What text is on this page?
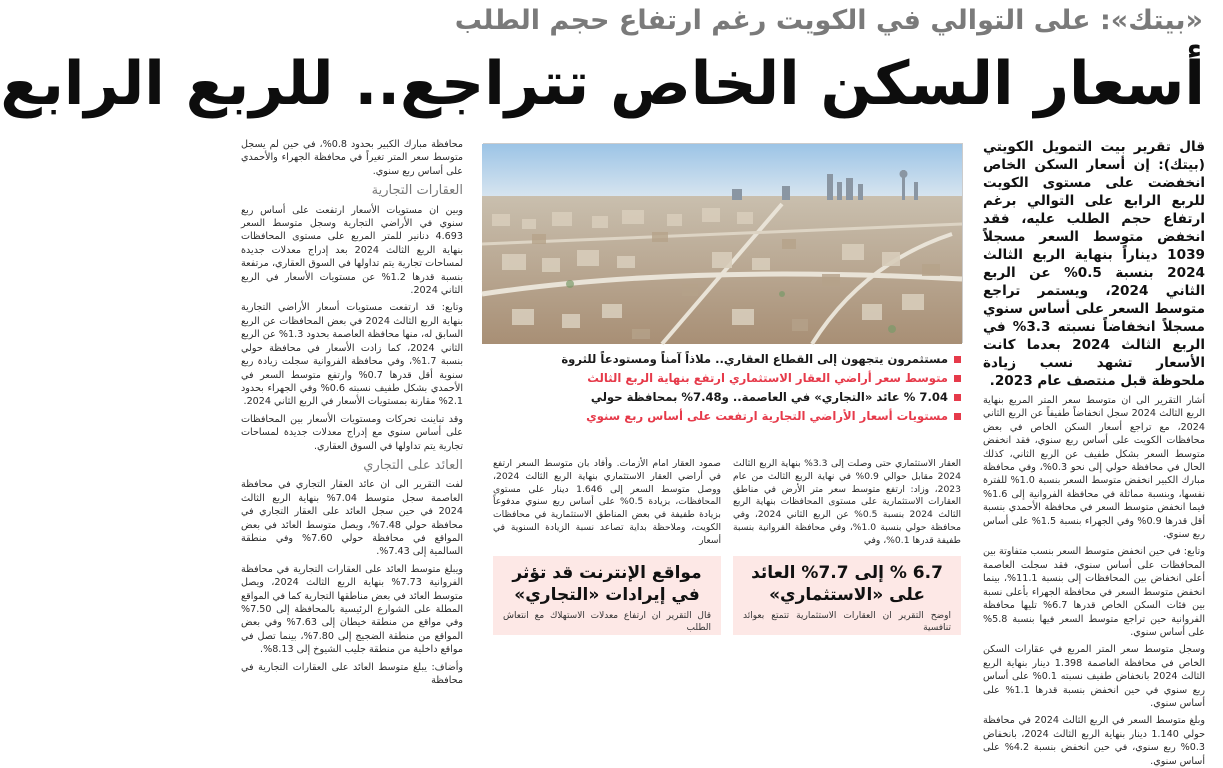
«بيتك»: على التوالي في الكويت رغم ارتفاع حجم الطلب
أسعار السكن الخاص تتراجع.. للربع الرابع

قال تقرير بيت التمويل الكويتي (بيتك): إن أسعار السكن الخاص انخفضت على مستوى الكويت للربع الرابع على التوالي برغم ارتفاع حجم الطلب عليه، فقد انخفض متوسط السعر مسجلاً 1039 ديناراً بنهاية الربع الثالث 2024 بنسبة 0.5% عن الربع الثاني 2024، ويستمر تراجع متوسط السعر على أساس سنوي مسجلاً انخفاضاً نسبته 3.3% في الربع الثالث 2024 بعدما كانت الأسعار تشهد نسب زيادة ملحوظة قبل منتصف عام 2023.

أشار التقرير الى ان متوسط سعر المتر المربع بنهاية الربع الثالث 2024 سجل انخفاضاً طفيفاً عن الربع الثاني 2024، مع تراجع أسعار السكن الخاص في بعض محافظات الكويت على أساس ربع سنوي، فقد انخفض متوسط السعر بشكل طفيف عن الربع الثاني، كذلك الحال في محافظة حولي إلى نحو 0.3%، وفي محافظة مبارك الكبير انخفض متوسط السعر بنسبة 1.0% للفترة نفسها، وبنسبة مماثلة في محافظة الفروانية إلى 1.6% فيما انخفض متوسط السعر في محافظة الأحمدي بنسبة أقل قدرها 0.9% وفي الجهراء بنسبة 1.5% على أساس ربع سنوي.

وتابع: في حين انخفض متوسط السعر بنسب متفاوتة بين المحافظات على أساس سنوي، فقد سجلت العاصمة أعلى انخفاض بين المحافظات إلى بنسبة 11.1%، بينما انخفض متوسط السعر في محافظة الجهراء بأعلى نسبة بين فئات السكن الخاص قدرها 6.7% تليها محافظة الفروانية حين تراجع متوسط السعر فيها بنسبة 5.8% على أساس سنوي.

وسجل متوسط سعر المتر المربع في عقارات السكن الخاص في محافظة العاصمة 1.398 دينار بنهاية الربع الثالث 2024 بانخفاض طفيف نسبته 0.1% على أساس ربع سنوي في حين انخفض بنسبة قدرها 1.1% على أساس سنوي.

وبلغ متوسط السعر في الربع الثالث 2024 في محافظة حولي 1.140 دينار بنهاية الربع الثالث 2024، بانخفاض 0.3% ربع سنوي، في حين انخفض بنسبة 4.2% على أساس سنوي.

مستثمرون يتجهون إلى القطاع العقاري.. ملاذاً آمناً ومستودعاً للثروة
متوسط سعر أراضي العقار الاستثماري ارتفع بنهاية الربع الثالث
7.04 % عائد «التجاري» في العاصمة.. و7.48% بمحافظة حولي
مستويات أسعار الأراضي التجارية ارتفعت على أساس ربع سنوي
العقار الاستثماري حتى وصلت إلى 3.3% بنهاية الربع الثالث 2024 مقابل حوالي 0.9% في نهاية الربع الثالث من عام 2023، وزاد: ارتفع متوسط سعر متر الأرض في مناطق العقارات الاستثمارية على مستوى المحافظات بنهاية الربع الثالث 2024 بنسبة 0.5% عن الربع الثاني 2024، وفي محافظة حولي بنسبة 1.0%، وفي محافظة الفروانية بنسبة طفيفة قدرها 0.1%، وفي
صمود العقار امام الأزمات. وأفاد بان متوسط السعر ارتفع في أراضي العقار الاستثماري بنهاية الربع الثالث 2024، ووصل متوسط السعر إلى 1.646 دينار على مستوى المحافظات، بزيادة 0.5% على أساس ربع سنوي مدفوعاً بزيادة طفيفة في بعض المناطق الاستثمارية في محافظات الكويت، وملاحظة بداية تصاعد نسبة الزيادة السنوية في أسعار
6.7 % إلى 7.7% العائد على «الاستثماري»

اوضح التقرير ان العقارات الاستثمارية تتمتع بعوائد تنافسية

مواقع الإنترنت قد تؤثر في إيرادات «التجاري»

قال التقرير ان ارتفاع معدلات الاستهلاك مع انتعاش الطلب

محافظة مبارك الكبير بحدود 0.8%، في حين لم يسجل متوسط سعر المتر تغيراً في محافظة الجهراء والأحمدي على أساس ربع سنوي.

العقارات التجارية

وبين ان مستويات الأسعار ارتفعت على أساس ربع سنوي في الأراضي التجارية وسجل متوسط السعر 4.693 دنانير للمتر المربع على مستوى المحافظات بنهاية الربع الثالث 2024 بعد إدراج معدلات جديدة لمساحات تجارية يتم تداولها في السوق العقاري، مرتفعة بنسبة قدرها 1.2% عن مستويات الأسعار في الربع الثاني 2024.

وتابع: قد ارتفعت مستويات أسعار الأراضي التجارية بنهاية الربع الثالث 2024 في بعض المحافظات عن الربع السابق له، منها محافظة العاصمة بحدود 1.3% عن الربع الثاني 2024، كما زادت الأسعار في محافظة حولي بنسبة 1.7%، وفي محافظة الفروانية سجلت زيادة ربع سنوية أقل قدرها 0.7% وارتفع متوسط السعر في الأحمدي بشكل طفيف نسبته 0.6% وفي الجهراء بحدود 2.1% مقارنة بمستويات الأسعار في الربع الثاني 2024.

وقد تباينت تحركات ومستويات الأسعار بين المحافظات على أساس سنوي مع إدراج معدلات جديدة لمساحات تجارية يتم تداولها في السوق العقاري.

العائد على التجاري

لفت التقرير الى ان عائد العقار التجاري في محافظة العاصمة سجل متوسط 7.04% بنهاية الربع الثالث 2024 في حين سجل العائد على العقار التجاري في محافظة حولي 7.48%، ويصل متوسط العائد في بعض المواقع في محافظة حولي 7.60% وفي منطقة السالمية إلى 7.43%.

ويبلغ متوسط العائد على العقارات التجارية في محافظة الفروانية 7.73% بنهاية الربع الثالث 2024، ويصل متوسط العائد في بعض مناطقها التجارية كما في المواقع المطلة على الشوارع الرئيسية بالمحافظة إلى 7.50% وفي مواقع من منطقة خيطان إلى 7.63% وفي بعض المواقع من منطقة الضجيج إلى 7.80%، بينما تصل في مواقع داخلية من منطقة جليب الشيوخ إلى 8.13%.

وأضاف: يبلغ متوسط العائد على العقارات التجارية في محافظة
